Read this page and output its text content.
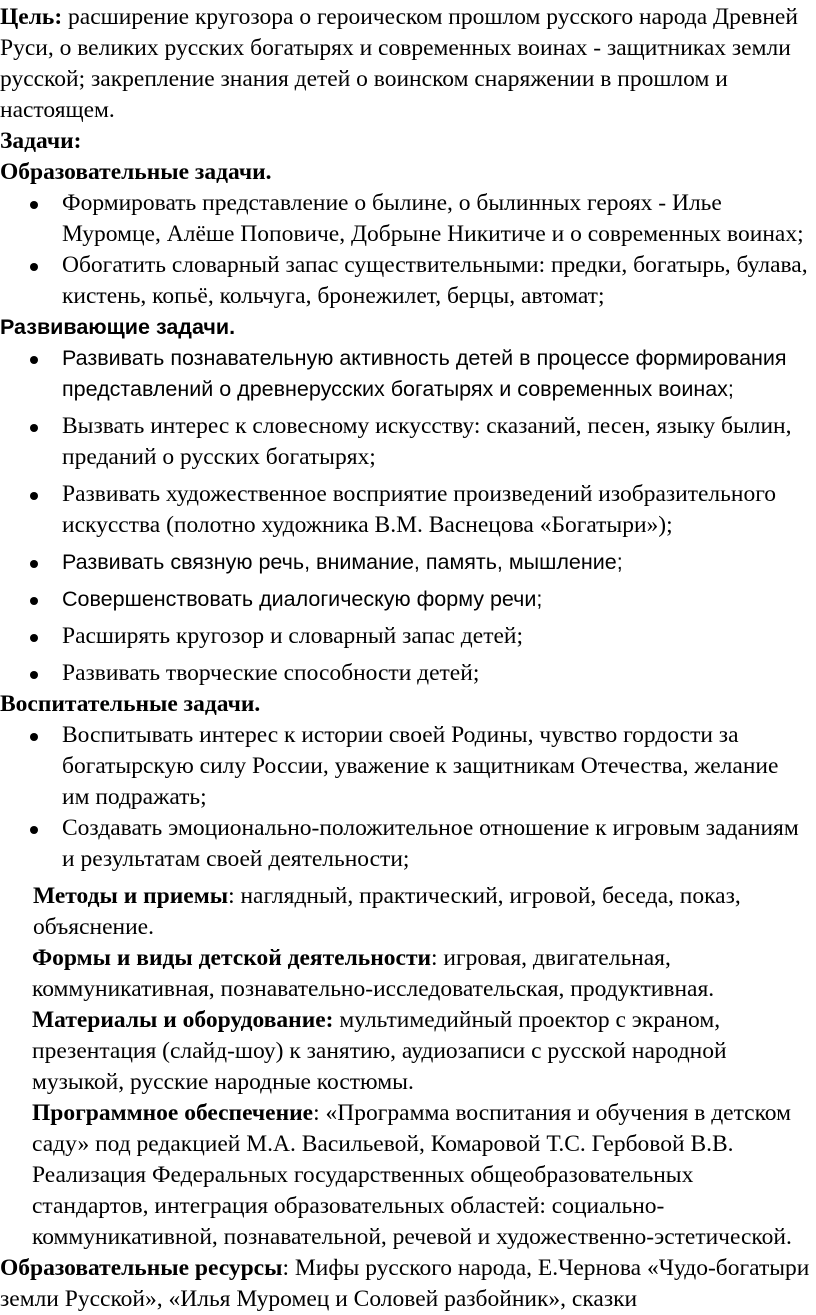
Цель: расширение кругозора о героическом прошлом русского народа Древней Руси, о великих русских богатырях и современных воинах - защитниках земли русской; закрепление знания детей о воинском снаряжении в прошлом и настоящем.

Задачи:

Образовательные задачи.

Формировать представление о былине, о былинных героях - Илье Муромце, Алёше Поповиче, Добрыне Никитиче и о современных воинах;
Обогатить словарный запас существительными: предки, богатырь, булава, кистень, копьё, кольчуга, бронежилет, берцы, автомат;

Развивающие задачи.

Развивать познавательную активность детей в процессе формирования представлений о древнерусских богатырях и современных воинах;
Вызвать интерес к словесному искусству: сказаний, песен, языку былин, преданий о русских богатырях;
Развивать художественное восприятие произведений изобразительного искусства (полотно художника В.М. Васнецова «Богатыри»);
Развивать связную речь, внимание, память, мышление;
Совершенствовать диалогическую форму речи;
Расширять кругозор и словарный запас детей;
Развивать творческие способности детей;

Воспитательные задачи.

Воспитывать интерес к истории своей Родины, чувство гордости за богатырскую силу России, уважение к защитникам Отечества, желание им подражать;
Создавать эмоционально-положительное отношение к игровым заданиям и результатам своей деятельности;

Методы и приемы: наглядный, практический, игровой, беседа, показ, объяснение.

Формы и виды детской деятельности: игровая, двигательная, коммуникативная, познавательно-исследовательская, продуктивная.

Материалы и оборудование: мультимедийный проектор с экраном, презентация (слайд-шоу) к занятию, аудиозаписи с русской народной музыкой, русские народные костюмы.

Программное обеспечение: «Программа воспитания и обучения в детском саду» под редакцией М.А. Васильевой, Комаровой Т.С. Гербовой В.В. Реализация Федеральных государственных общеобразовательных стандартов, интеграция образовательных областей: социально-коммуникативной, познавательной, речевой и художественно-эстетической.

Образовательные ресурсы: Мифы русского народа, Е.Чернова «Чудо-богатыри земли Русской», «Илья Муромец и Соловей разбойник», сказки
